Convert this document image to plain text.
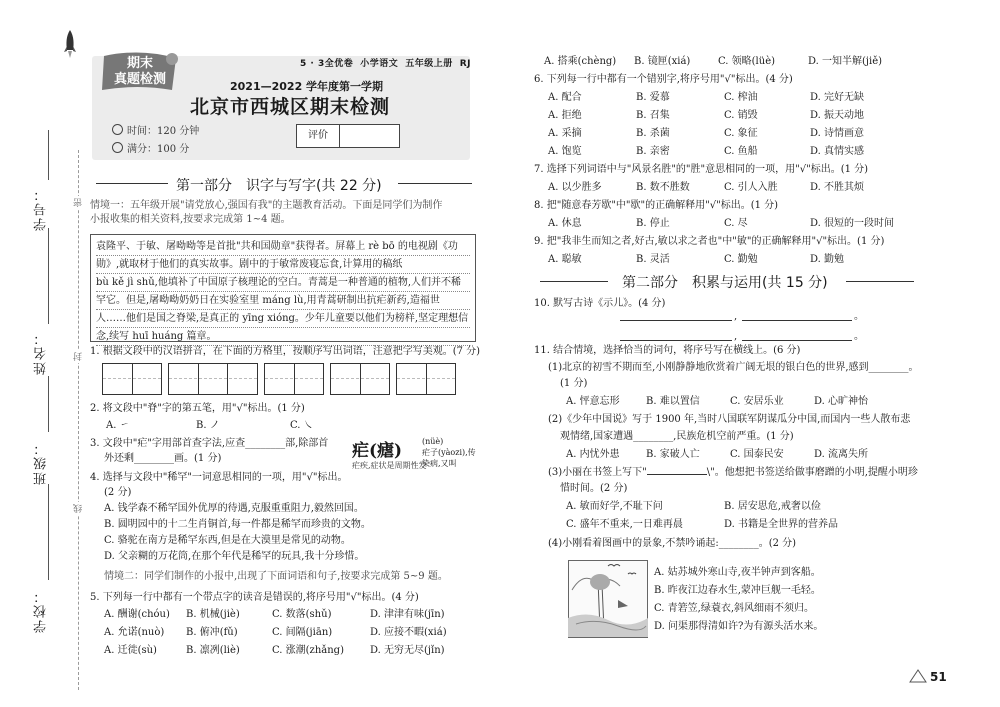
学号：
姓名：
班级：
学校：
密
封
线
期末
真题检测
5 · 3全优卷 小学语文 五年级上册 RJ
2021—2022 学年度第一学期
北京市西城区期末检测
时间：120 分钟
满分：100 分
评价
第一部分　识字与写字(共 22 分)
情境一：五年级开展"请党放心,强国有我"的主题教育活动。下面是同学们为制作
小报收集的相关资料,按要求完成第 1~4 题。
袁隆平、于敏、屠呦呦等是首批"共和国勋章"获得者。屏幕上 rè bō 的电视剧《功
勋》,就取材于他们的真实故事。剧中的于敏常废寝忘食,计算用的稿纸
bù kě jì shǔ,他填补了中国原子核理论的空白。青蒿是一种普通的植物,人们并不稀
罕它。但是,屠呦呦奶奶日在实验室里 máng lù,用青蒿研制出抗疟新药,造福世
人……他们是国之脊梁,是真正的 yīng xióng。少年儿童要以他们为榜样,坚定理想信
念,续写 huī huáng 篇章。
1. 根据文段中的汉语拼音，在下面的方格里，按顺序写出词语，注意把字写美观。(7 分)
2. 将文段中"脊"字的第五笔，用"√"标出。(1 分)
A. ㇀	B. ノ	C. ㇏
3. 文段中"疟"字用部首查字法,应查________部,除部首
外还剩________画。(1 分)	疟(瘧) (nüè)
疟子(yàozi),传染病,又叫
疟疾,症状是周期性发
4. 选择与文段中"稀罕"一词意思相同的一项，用"√"标出。
(2 分)
A. 钱学森不稀罕国外优厚的待遇,克服重重阻力,毅然回国。
B. 圆明园中的十二生肖铜首,每一件都是稀罕而珍贵的文物。
C. 骆驼在南方是稀罕东西,但是在大漠里是常见的动物。
D. 父亲糊的万花筒,在那个年代是稀罕的玩具,我十分珍惜。
情境二：同学们制作的小报中,出现了下面词语和句子,按要求完成第 5~9 题。
5. 下列每一行中都有一个带点字的读音是错误的,将序号用"√"标出。(4 分)
A. 酬谢(chóu) B. 机械(jiè)	C. 数落(shǔ)	D. 津津有味(jīn)
A. 允诺(nuò) B. 俯冲(fǔ)	C. 间隔(jiān)	D. 应接不暇(xiá)
A. 迁徙(sù)	B. 凛冽(liè)	C. 涨潮(zhǎng)	D. 无穷无尽(jǐn)
A. 搭乘(chèng) B. 镜匣(xiá)	C. 领略(lüè)	D. 一知半解(jiě)
6. 下列每一行中都有一个错别字,将序号用"√"标出。(4 分)
A. 配合	B. 爱慕	C. 榨油	D. 完好无缺
A. 拒绝	B. 召集	C. 销毁	D. 振天动地
A. 采摘	B. 杀菌	C. 象征	D. 诗情画意
A. 饱览	B. 亲密	C. 鱼船	D. 真情实感
7. 选择下列词语中与"风景名胜"的"胜"意思相同的一项，用"√"标出。(1 分)
A. 以少胜多	B. 数不胜数	C. 引人入胜	D. 不胜其烦
8. 把"随意春芳歇"中"歇"的正确解释用"√"标出。(1 分)
A. 休息	B. 停止	C. 尽	D. 很短的一段时间
9. 把"我非生而知之者,好古,敏以求之者也"中"敏"的正确解释用"√"标出。(1 分)
A. 聪敏	B. 灵活	C. 勤勉	D. 勤勉
第二部分　积累与运用(共 15 分)
10. 默写古诗《示儿》。(4 分)
,	。
,	。
11. 结合情境，选择恰当的词句，将序号写在横线上。(6 分)
(1)北京的初雪不期而至,小刚静静地欣赏着广阔无垠的银白色的世界,感到________。
(1 分)
A. 怦意忘形	B. 难以置信	C. 安居乐业	D. 心旷神怡
(2)《少年中国说》写于 1900 年,当时八国联军阴谋瓜分中国,而国内一些人散布悲
观情绪,国家遭遇________,民族危机空前严重。(1 分)
A. 内忧外患	B. 家破人亡	C. 国泰民安	D. 流离失所
(3)小丽在书签上写下"	\"。他想把书签送给做事磨蹭的小明,提醒小明珍
惜时间。(2 分)
A. 敏而好学,不耻下问	B. 居安思危,戒奢以俭
C. 盛年不重来,一日难再晨	D. 书籍是全世界的营养品
(4)小刚看着图画中的景象,不禁吟诵起:________。(2 分)
A. 姑苏城外寒山寺,夜半钟声到客船。
B. 昨夜江边春水生,蒙冲巨舰一毛轻。
C. 青箬笠,绿蓑衣,斜风细雨不须归。
D. 问渠那得清如许?为有源头活水来。
51
